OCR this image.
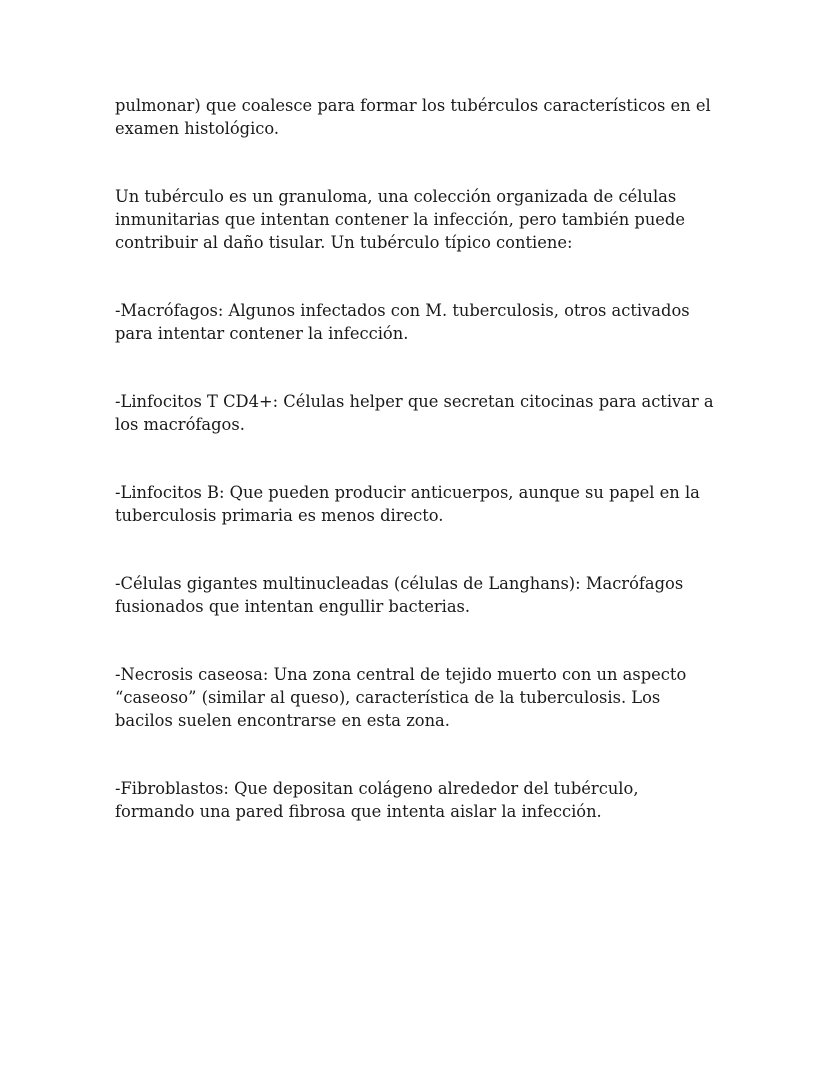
pulmonar) que coalesce para formar los tubérculos característicos en el
examen histológico.

Un tubérculo es un granuloma, una colección organizada de células
inmunitarias que intentan contener la infección, pero también puede
contribuir al daño tisular. Un tubérculo típico contiene:

-Macrófagos: Algunos infectados con M. tuberculosis, otros activados
para intentar contener la infección.

-Linfocitos T CD4+: Células helper que secretan citocinas para activar a
los macrófagos.

-Linfocitos B: Que pueden producir anticuerpos, aunque su papel en la
tuberculosis primaria es menos directo.

-Células gigantes multinucleadas (células de Langhans): Macrófagos
fusionados que intentan engullir bacterias.

-Necrosis caseosa: Una zona central de tejido muerto con un aspecto
“caseoso” (similar al queso), característica de la tuberculosis. Los
bacilos suelen encontrarse en esta zona.

-Fibroblastos: Que depositan colágeno alrededor del tubérculo,
formando una pared fibrosa que intenta aislar la infección.
